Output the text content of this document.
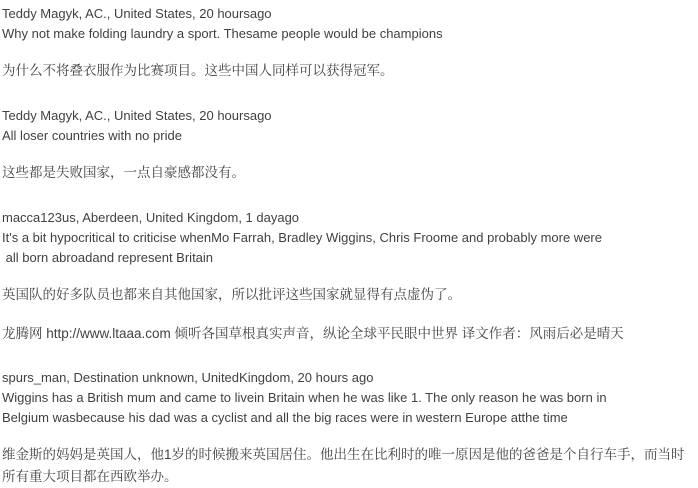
Teddy Magyk, AC., United States, 20 hoursago

Why not make folding laundry a sport. Thesame people would be champions

为什么不将叠衣服作为比赛项目。这些中国人同样可以获得冠军。

Teddy Magyk, AC., United States, 20 hoursago

All loser countries with no pride

这些都是失败国家，一点自豪感都没有。

macca123us, Aberdeen, United Kingdom, 1 dayago

It's a bit hypocritical to criticise whenMo Farrah, Bradley Wiggins, Chris Froome and probably more were

all born abroadand represent Britain

英国队的好多队员也都来自其他国家，所以批评这些国家就显得有点虚伪了。

龙腾网 http://www.ltaaa.com 倾听各国草根真实声音，纵论全球平民眼中世界 译文作者：风雨后必是晴天

spurs_man, Destination unknown, UnitedKingdom, 20 hours ago

Wiggins has a British mum and came to livein Britain when he was like 1. The only reason he was born in

Belgium wasbecause his dad was a cyclist and all the big races were in western Europe atthe time

维金斯的妈妈是英国人，他1岁的时候搬来英国居住。他出生在比利时的唯一原因是他的爸爸是个自行车手，而当时所有重大项目都在西欧举办。
